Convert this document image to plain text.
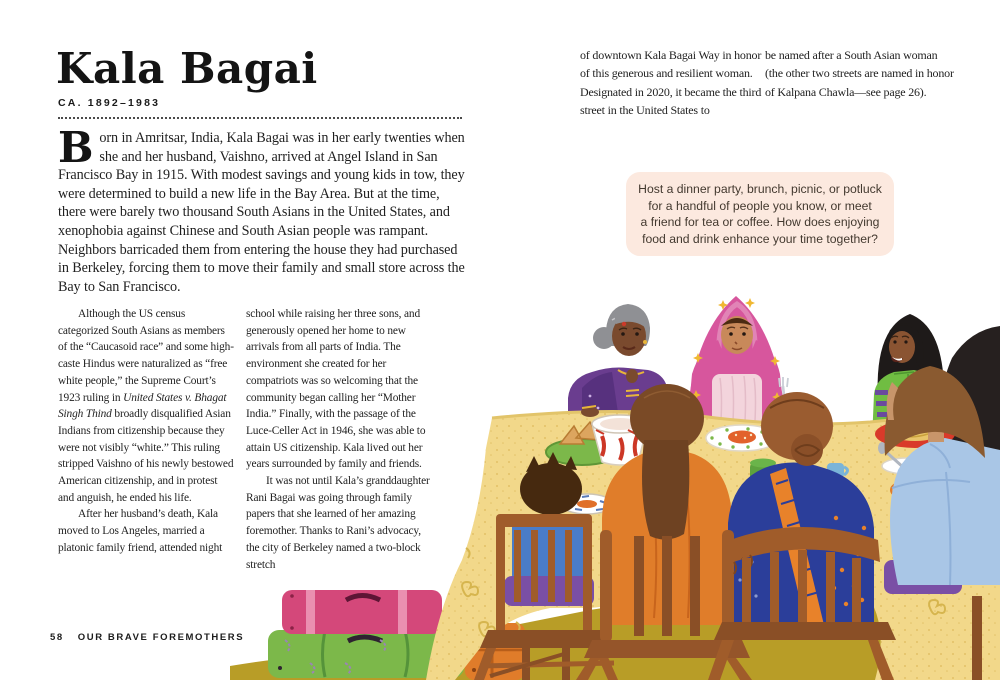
Kala Bagai
CA. 1892–1983
Born in Amritsar, India, Kala Bagai was in her early twenties when she and her husband, Vaishno, arrived at Angel Island in San Francisco Bay in 1915. With modest savings and young kids in tow, they were determined to build a new life in the Bay Area. But at the time, there were barely two thousand South Asians in the United States, and xenophobia against Chinese and South Asian people was rampant. Neighbors barricaded them from entering the house they had purchased in Berkeley, forcing them to move their family and small store across the Bay to San Francisco.

Although the US census categorized South Asians as members of the “Caucasoid race” and some high-caste Hindus were naturalized as “free white people,” the Supreme Court’s 1923 ruling in United States v. Bhagat Singh Thind broadly disqualified Asian Indians from citizenship because they were not visibly “white.” This ruling stripped Vaishno of his newly bestowed American citizenship, and in protest and anguish, he ended his life.

After her husband’s death, Kala moved to Los Angeles, married a platonic family friend, attended night

school while raising her three sons, and generously opened her home to new arrivals from all parts of India. The environment she created for her compatriots was so welcoming that the community began calling her “Mother India.” Finally, with the passage of the Luce-Celler Act in 1946, she was able to attain US citizenship. Kala lived out her years surrounded by family and friends.

It was not until Kala’s granddaughter Rani Bagai was going through family papers that she learned of her amazing foremother. Thanks to Rani’s advocacy, the city of Berkeley named a two-block stretch

58 OUR BRAVE FOREMOTHERS
of downtown Kala Bagai Way in honor of this generous and resilient woman. Designated in 2020, it became the third street in the United States to
be named after a South Asian woman (the other two streets are named in honor of Kalpana Chawla—see page 26).
Host a dinner party, brunch, picnic, or potluck
for a handful of people you know, or meet
a friend for tea or coffee. How does enjoying
food and drink enhance your time together?
